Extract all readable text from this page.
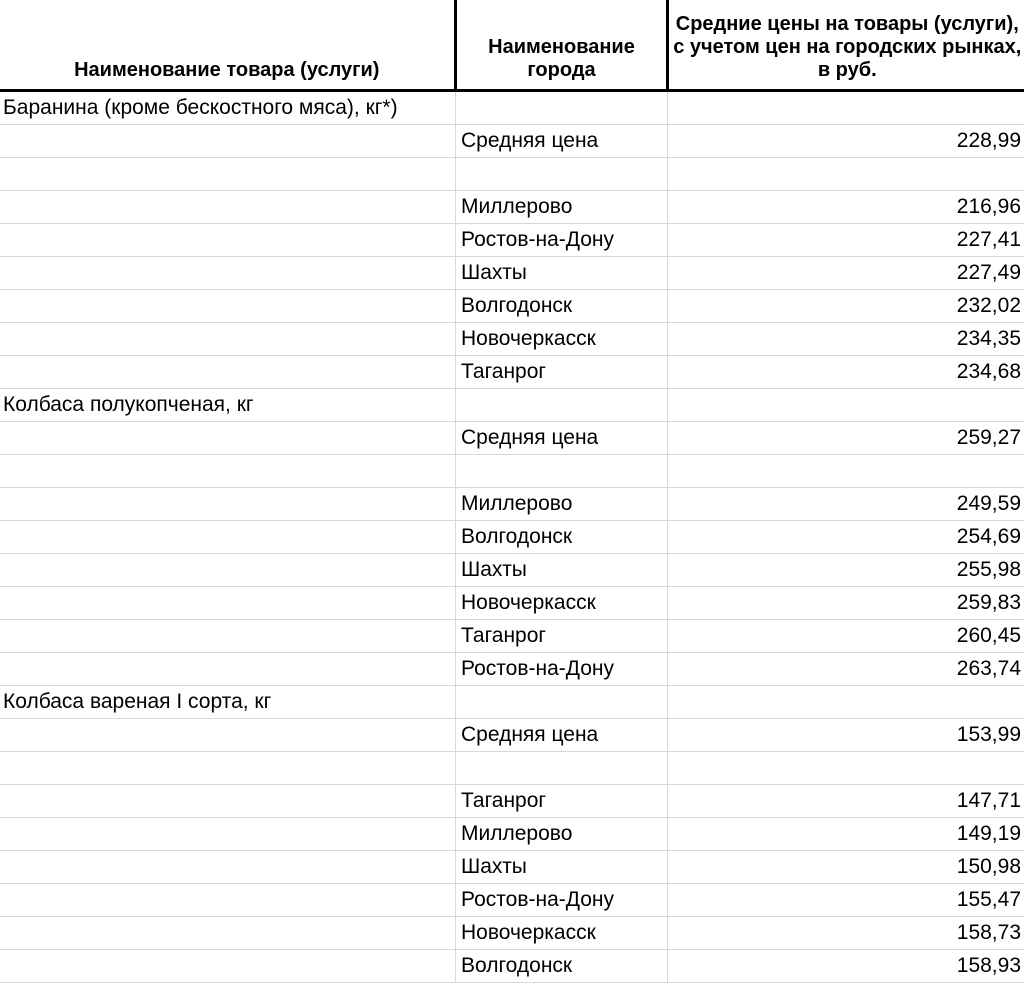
Наименование товара (услуги)	Наименование города	Средние цены на товары (услуги), с учетом цен на городских рынках, в руб.
Баранина (кроме бескостного мяса), кг*)		
	Средняя цена	228,99

	Миллерово	216,96
	Ростов-на-Дону	227,41
	Шахты	227,49
	Волгодонск	232,02
	Новочеркасск	234,35
	Таганрог	234,68
Колбаса полукопченая, кг		
	Средняя цена	259,27

	Миллерово	249,59
	Волгодонск	254,69
	Шахты	255,98
	Новочеркасск	259,83
	Таганрог	260,45
	Ростов-на-Дону	263,74
Колбаса вареная I сорта, кг		
	Средняя цена	153,99

	Таганрог	147,71
	Миллерово	149,19
	Шахты	150,98
	Ростов-на-Дону	155,47
	Новочеркасск	158,73
	Волгодонск	158,93
